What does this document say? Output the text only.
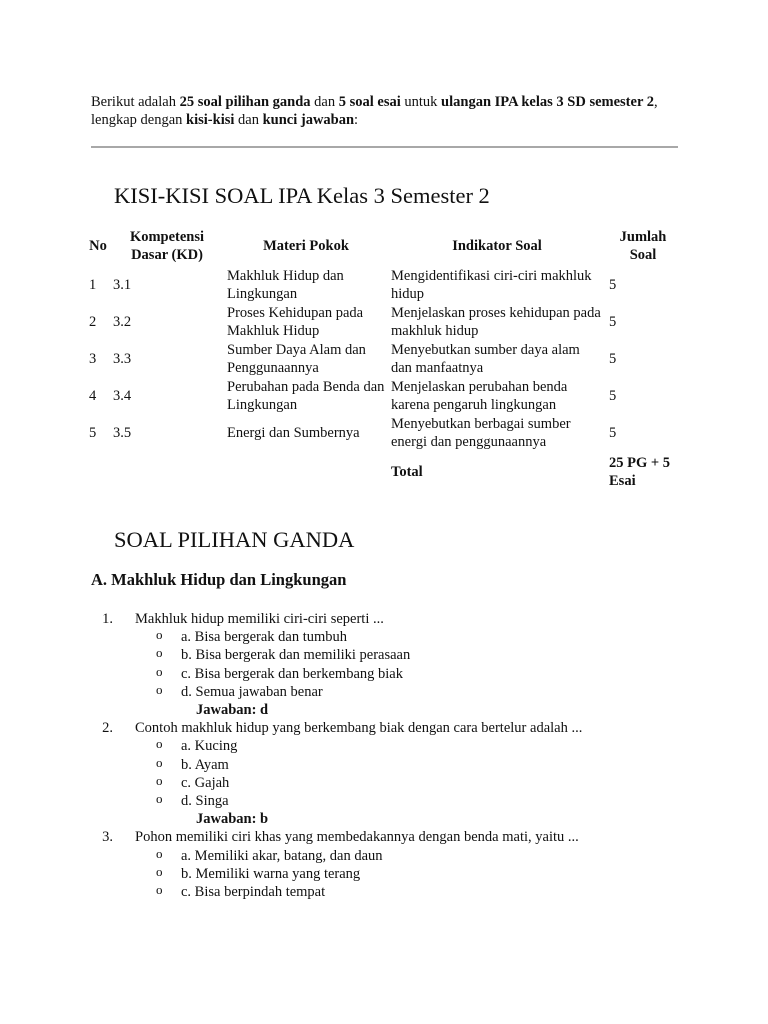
Berikut adalah 25 soal pilihan ganda dan 5 soal esai untuk ulangan IPA kelas 3 SD semester 2, lengkap dengan kisi-kisi dan kunci jawaban:

KISI-KISI SOAL IPA Kelas 3 Semester 2
No	Kompetensi Dasar (KD)	Materi Pokok	Indikator Soal	Jumlah Soal
1	3.1	Makhluk Hidup dan Lingkungan	Mengidentifikasi ciri-ciri makhluk hidup	5
2	3.2	Proses Kehidupan pada Makhluk Hidup	Menjelaskan proses kehidupan pada makhluk hidup	5
3	3.3	Sumber Daya Alam dan Penggunaannya	Menyebutkan sumber daya alam dan manfaatnya	5
4	3.4	Perubahan pada Benda dan Lingkungan	Menjelaskan perubahan benda karena pengaruh lingkungan	5
5	3.5	Energi dan Sumbernya	Menyebutkan berbagai sumber energi dan penggunaannya	5
			Total	25 PG + 5 Esai
SOAL PILIHAN GANDA
A. Makhluk Hidup dan Lingkungan
1. Makhluk hidup memiliki ciri-ciri seperti ...
o a. Bisa bergerak dan tumbuh
o b. Bisa bergerak dan memiliki perasaan
o c. Bisa bergerak dan berkembang biak
o d. Semua jawaban benar
Jawaban: d
2. Contoh makhluk hidup yang berkembang biak dengan cara bertelur adalah ...
o a. Kucing
o b. Ayam
o c. Gajah
o d. Singa
Jawaban: b
3. Pohon memiliki ciri khas yang membedakannya dengan benda mati, yaitu ...
o a. Memiliki akar, batang, dan daun
o b. Memiliki warna yang terang
o c. Bisa berpindah tempat
